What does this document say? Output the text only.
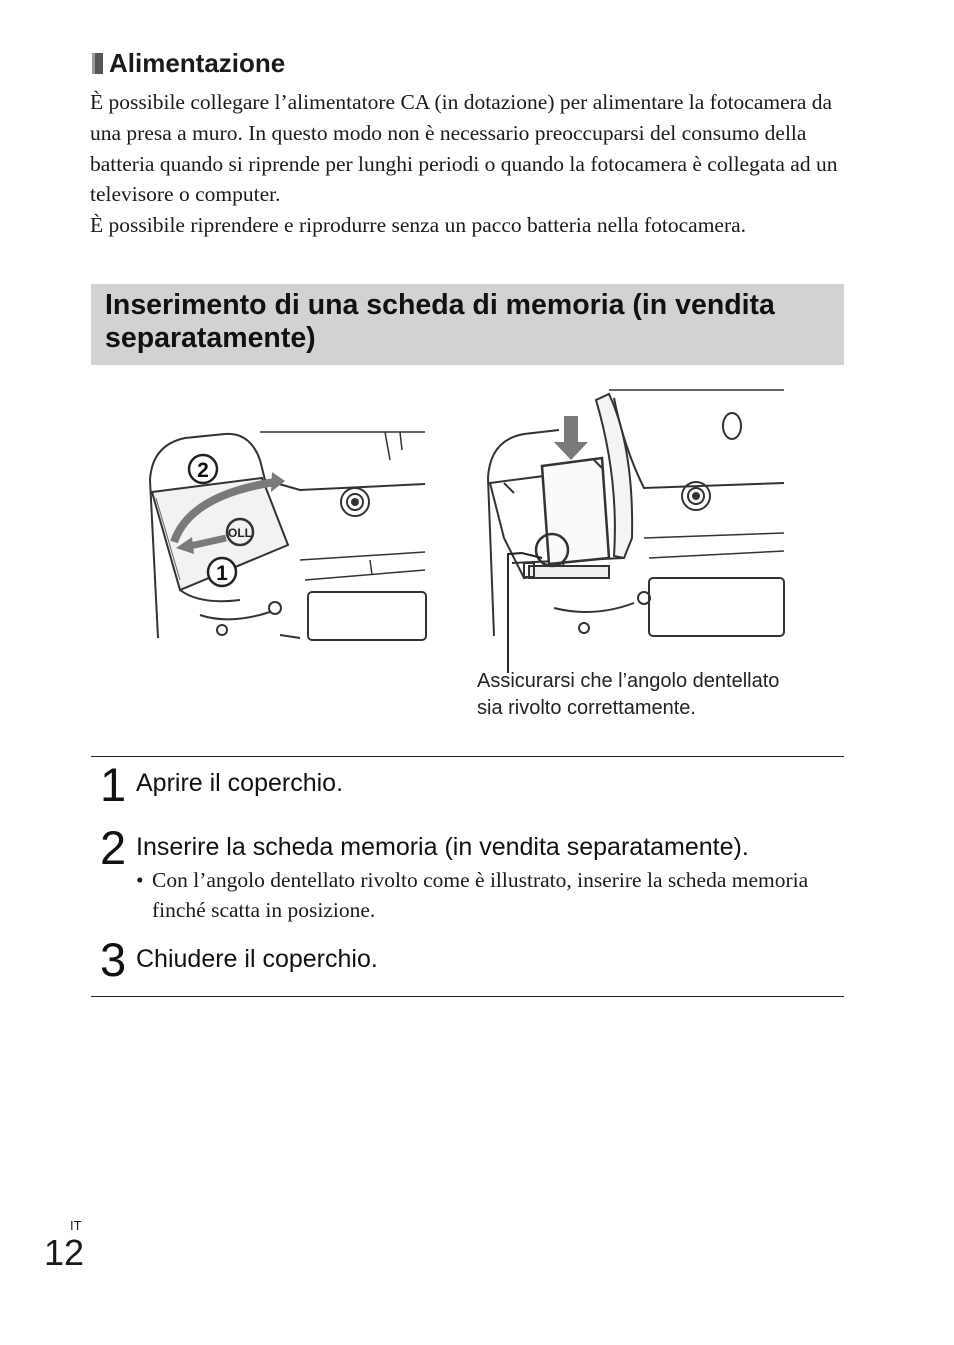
Alimentazione

È possibile collegare l’alimentatore CA (in dotazione) per alimentare la fotocamera da una presa a muro. In questo modo non è necessario preoccuparsi del consumo della batteria quando si riprende per lunghi periodi o quando la fotocamera è collegata ad un televisore o computer.

È possibile riprendere e riprodurre senza un pacco batteria nella fotocamera.

Inserimento di una scheda di memoria (in vendita separatamente)
OLL
2
1

Assicurarsi che l’angolo dentellato

sia rivolto correttamente.

1 Aprire il coperchio.
2 Inserire la scheda memoria (in vendita separatamente).
• Con l’angolo dentellato rivolto come è illustrato, inserire la scheda memoria finché scatta in posizione.
3 Chiudere il coperchio.
IT
12
